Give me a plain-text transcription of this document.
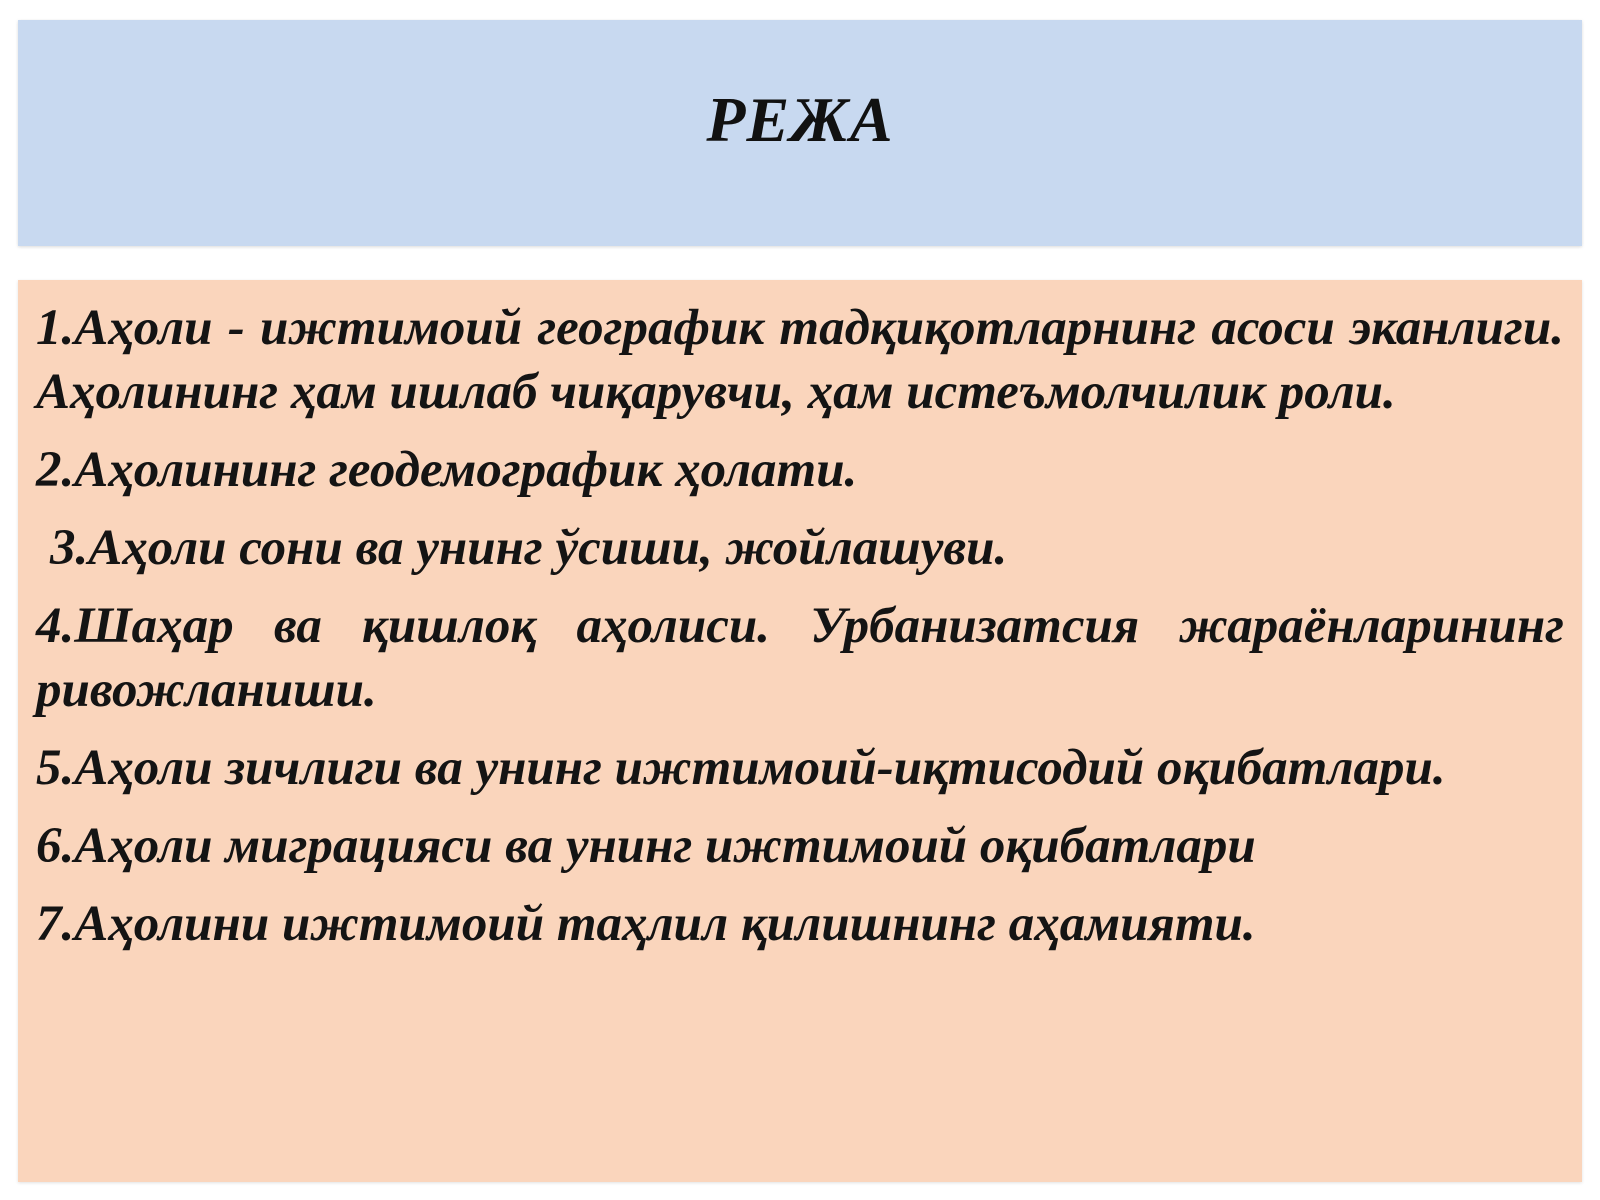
РЕЖА
1.Аҳоли - ижтимоий географик тадқиқотларнинг асоси эканлиги. Аҳолининг ҳам ишлаб чиқарувчи, ҳам истеъмолчилик роли.
2.Аҳолининг геодемографик ҳолати.
3.Аҳоли сони ва унинг ўсиши, жойлашуви.
4.Шаҳар ва қишлоқ аҳолиси. Урбанизатсия жараёнларининг ривожланиши.
5.Аҳоли зичлиги ва унинг ижтимоий-иқтисодий оқибатлари.
6.Аҳоли миграцияси ва унинг ижтимоий оқибатлари
7.Аҳолини ижтимоий таҳлил қилишнинг аҳамияти.
